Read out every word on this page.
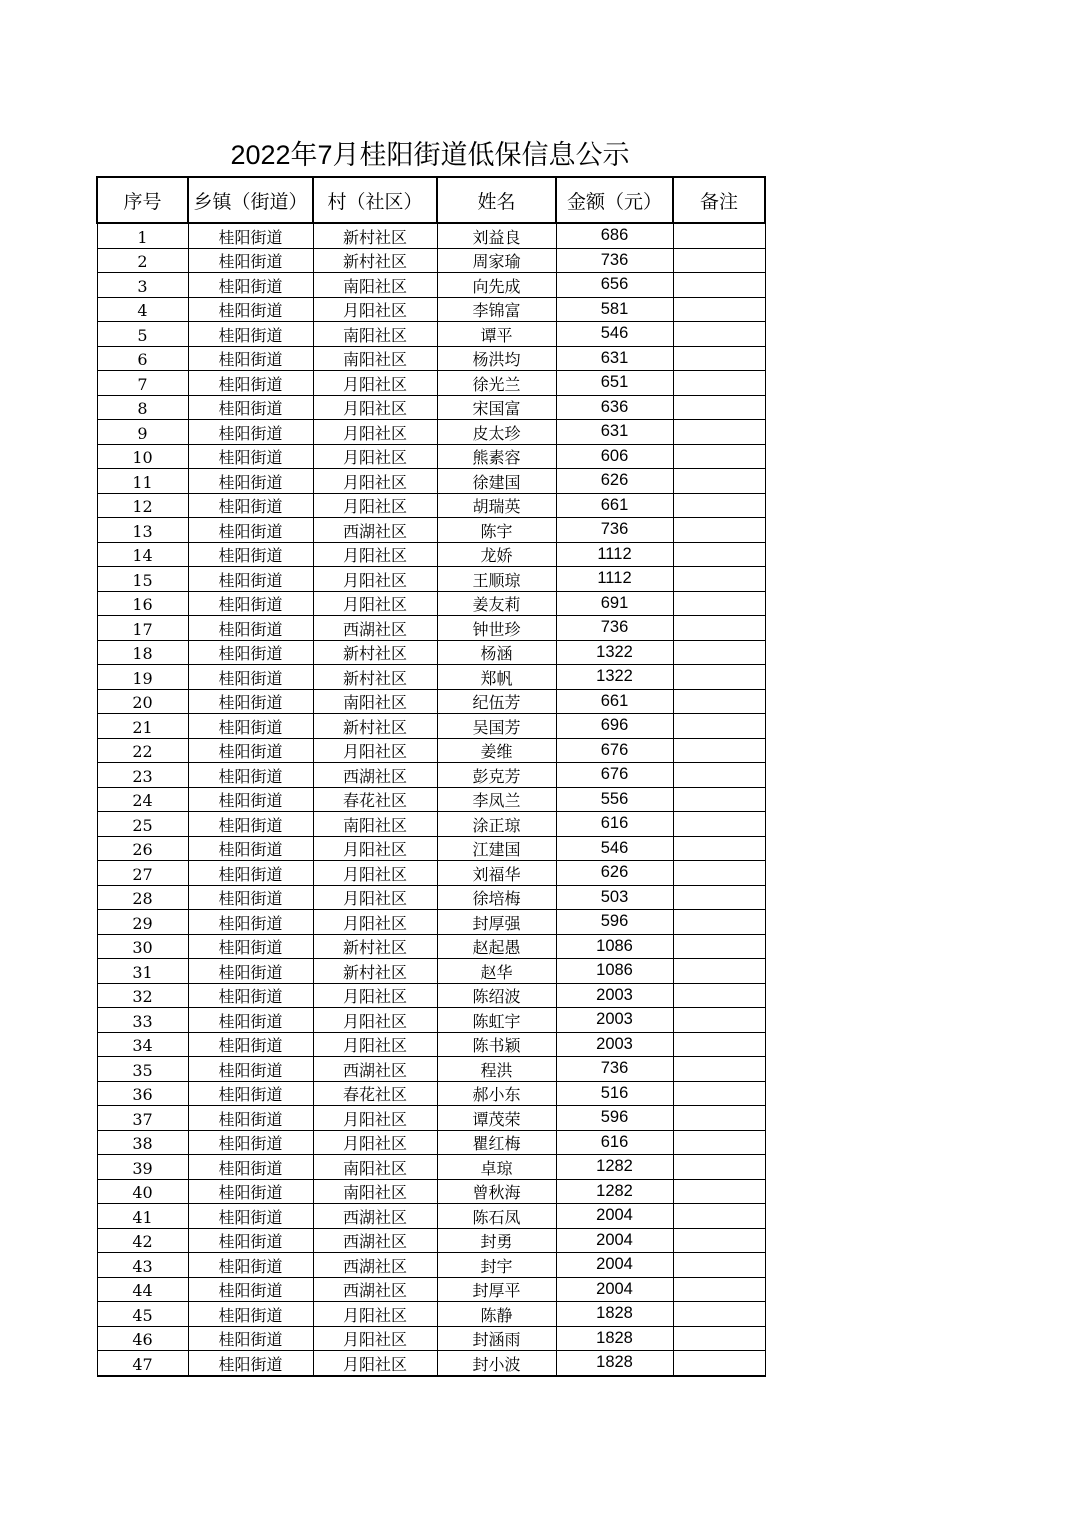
2022年7月桂阳街道低保信息公示
序号	乡镇（街道）	村（社区）	姓名	金额（元）	备注
1	桂阳街道	新村社区	刘益良	686	
2	桂阳街道	新村社区	周家瑜	736	
3	桂阳街道	南阳社区	向先成	656	
4	桂阳街道	月阳社区	李锦富	581	
5	桂阳街道	南阳社区	谭平	546	
6	桂阳街道	南阳社区	杨洪均	631	
7	桂阳街道	月阳社区	徐光兰	651	
8	桂阳街道	月阳社区	宋国富	636	
9	桂阳街道	月阳社区	皮太珍	631	
10	桂阳街道	月阳社区	熊素容	606	
11	桂阳街道	月阳社区	徐建国	626	
12	桂阳街道	月阳社区	胡瑞英	661	
13	桂阳街道	西湖社区	陈宇	736	
14	桂阳街道	月阳社区	龙娇	1112	
15	桂阳街道	月阳社区	王顺琼	1112	
16	桂阳街道	月阳社区	姜友莉	691	
17	桂阳街道	西湖社区	钟世珍	736	
18	桂阳街道	新村社区	杨涵	1322	
19	桂阳街道	新村社区	郑帆	1322	
20	桂阳街道	南阳社区	纪伍芳	661	
21	桂阳街道	新村社区	吴国芳	696	
22	桂阳街道	月阳社区	姜维	676	
23	桂阳街道	西湖社区	彭克芳	676	
24	桂阳街道	春花社区	李凤兰	556	
25	桂阳街道	南阳社区	涂正琼	616	
26	桂阳街道	月阳社区	江建国	546	
27	桂阳街道	月阳社区	刘福华	626	
28	桂阳街道	月阳社区	徐培梅	503	
29	桂阳街道	月阳社区	封厚强	596	
30	桂阳街道	新村社区	赵起愚	1086	
31	桂阳街道	新村社区	赵华	1086	
32	桂阳街道	月阳社区	陈绍波	2003	
33	桂阳街道	月阳社区	陈虹宇	2003	
34	桂阳街道	月阳社区	陈书颖	2003	
35	桂阳街道	西湖社区	程洪	736	
36	桂阳街道	春花社区	郝小东	516	
37	桂阳街道	月阳社区	谭茂荣	596	
38	桂阳街道	月阳社区	瞿红梅	616	
39	桂阳街道	南阳社区	卓琼	1282	
40	桂阳街道	南阳社区	曾秋海	1282	
41	桂阳街道	西湖社区	陈石凤	2004	
42	桂阳街道	西湖社区	封勇	2004	
43	桂阳街道	西湖社区	封宇	2004	
44	桂阳街道	西湖社区	封厚平	2004	
45	桂阳街道	月阳社区	陈静	1828	
46	桂阳街道	月阳社区	封涵雨	1828	
47	桂阳街道	月阳社区	封小波	1828	
